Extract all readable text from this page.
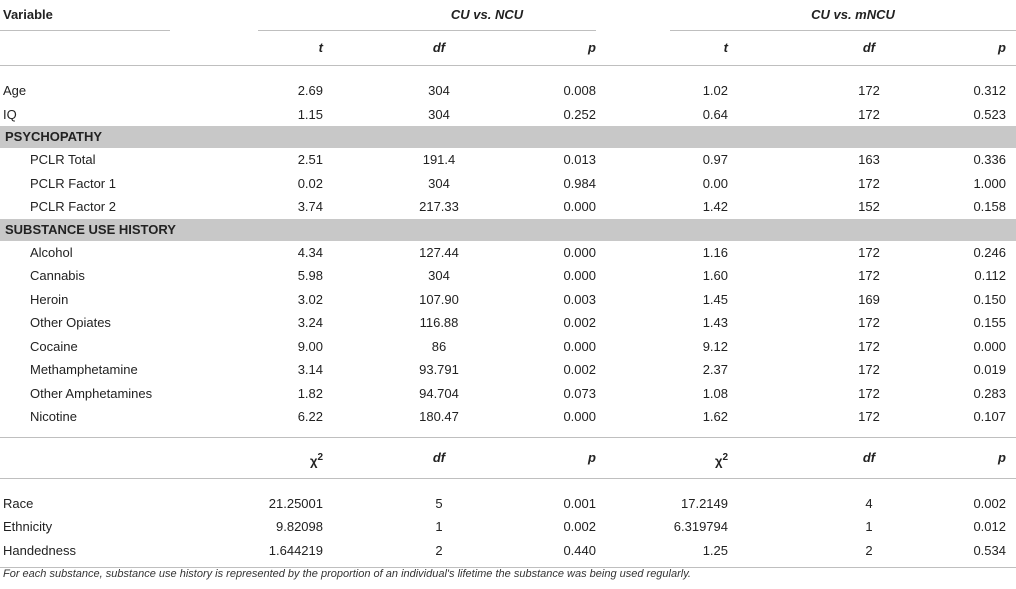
Variable	CU vs. NCU	CU vs. mNCU
t	df	p	t	df	p
Age	2.69	304	0.008	1.02	172	0.312
IQ	1.15	304	0.252	0.64	172	0.523
PSYCHOPATHY
PCLR Total	2.51	191.4	0.013	0.97	163	0.336
PCLR Factor 1	0.02	304	0.984	0.00	172	1.000
PCLR Factor 2	3.74	217.33	0.000	1.42	152	0.158
SUBSTANCE USE HISTORY
Alcohol	4.34	127.44	0.000	1.16	172	0.246
Cannabis	5.98	304	0.000	1.60	172	0.112
Heroin	3.02	107.90	0.003	1.45	169	0.150
Other Opiates	3.24	116.88	0.002	1.43	172	0.155
Cocaine	9.00	86	0.000	9.12	172	0.000
Methamphetamine	3.14	93.791	0.002	2.37	172	0.019
Other Amphetamines	1.82	94.704	0.073	1.08	172	0.283
Nicotine	6.22	180.47	0.000	1.62	172	0.107
$\chi^2$	df	p	$\chi^2$	df	p
Race	21.25001	5	0.001	17.2149	4	0.002
Ethnicity	9.82098	1	0.002	6.319794	1	0.012
Handedness	1.644219	2	0.440	1.25	2	0.534
For each substance, substance use history is represented by the proportion of an individual's lifetime the substance was being used regularly.
